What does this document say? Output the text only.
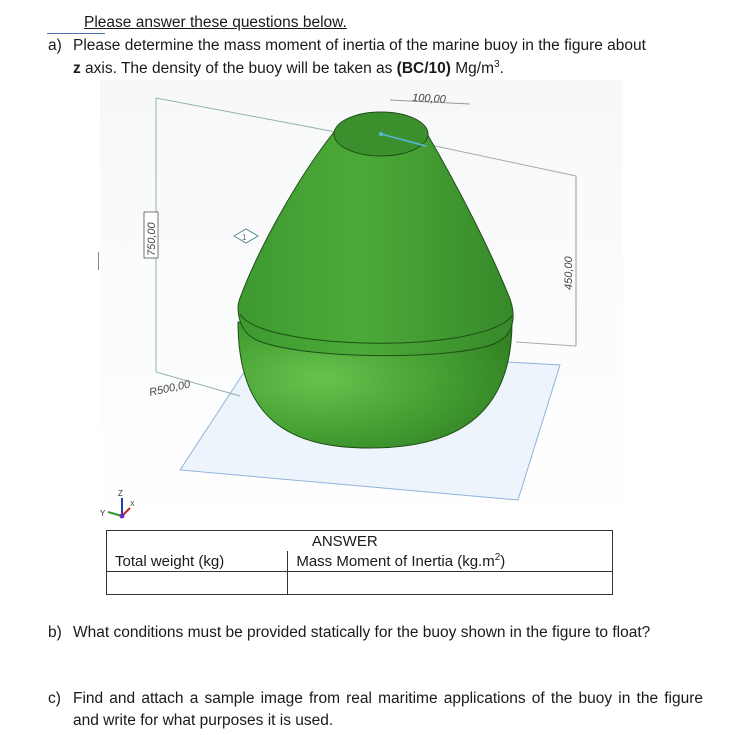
Please answer these questions below.
a) Please determine the mass moment of inertia of the marine buoy in the figure about
z axis. The density of the buoy will be taken as (BC/10) $Mg/m^3$.
750,00
450,00
100,00
R500,00
1
Z
Y
X
	ANSWER
Total weight (kg)	Mass Moment of Inertia $(kg.m^2)$

b) What conditions must be provided statically for the buoy shown in the figure to float?
c) Find and attach a sample image from real maritime applications of the buoy in the figure and write for what purposes it is used.
